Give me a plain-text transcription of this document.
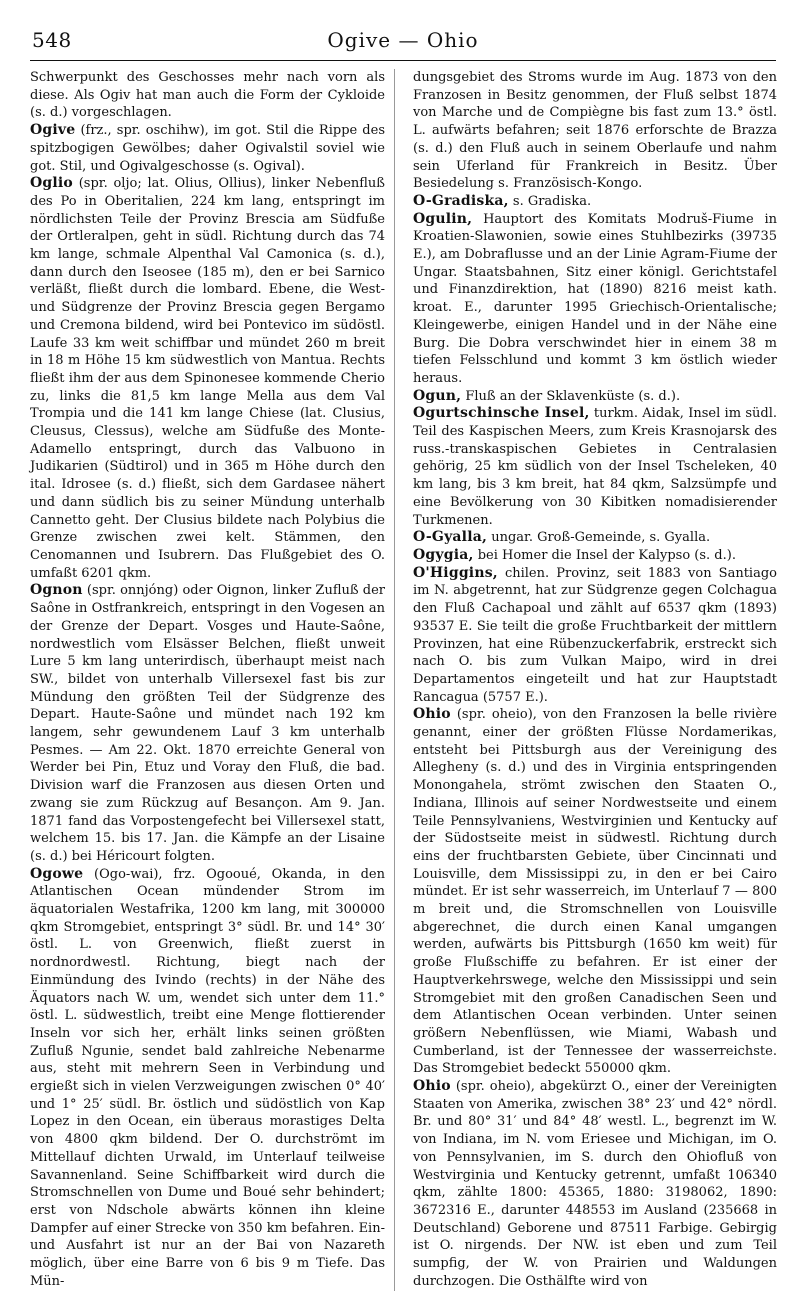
548	Ogive — Ohio

Schwerpunkt des Geschosses mehr nach vorn als diese. Als Ogiv hat man auch die Form der Cykloide (s. d.) vorgeschlagen.

Ogive (frz., spr. oschihw), im got. Stil die Rippe des spitzbogigen Gewölbes; daher Ogivalstil soviel wie got. Stil, und Ogivalgeschosse (s. Ogival).

Oglio (spr. oljo; lat. Olius, Ollius), linker Nebenfluß des Po in Oberitalien, 224 km lang, entspringt im nördlichsten Teile der Provinz Brescia am Südfuße der Ortleralpen, geht in südl. Richtung durch das 74 km lange, schmale Alpenthal Val Camonica (s. d.), dann durch den Iseosee (185 m), den er bei Sarnico verläßt, fließt durch die lombard. Ebene, die West- und Südgrenze der Provinz Brescia gegen Bergamo und Cremona bildend, wird bei Pontevico im südöstl. Laufe 33 km weit schiffbar und mündet 260 m breit in 18 m Höhe 15 km südwestlich von Mantua. Rechts fließt ihm der aus dem Spinonesee kommende Cherio zu, links die 81,5 km lange Mella aus dem Val Trompia und die 141 km lange Chiese (lat. Clusius, Cleusus, Clessus), welche am Südfuße des Monte-Adamello entspringt, durch das Valbuono in Judikarien (Südtirol) und in 365 m Höhe durch den ital. Idrosee (s. d.) fließt, sich dem Gardasee nähert und dann südlich bis zu seiner Mündung unterhalb Cannetto geht. Der Clusius bildete nach Polybius die Grenze zwischen zwei kelt. Stämmen, den Cenomannen und Isubrern. Das Flußgebiet des O. umfaßt 6201 qkm.

Ognon (spr. onnjóng) oder Oignon, linker Zufluß der Saône in Ostfrankreich, entspringt in den Vogesen an der Grenze der Depart. Vosges und Haute-Saône, nordwestlich vom Elsässer Belchen, fließt unweit Lure 5 km lang unterirdisch, überhaupt meist nach SW., bildet von unterhalb Villersexel fast bis zur Mündung den größten Teil der Südgrenze des Depart. Haute-Saône und mündet nach 192 km langem, sehr gewundenem Lauf 3 km unterhalb Pesmes. — Am 22. Okt. 1870 erreichte General von Werder bei Pin, Etuz und Voray den Fluß, die bad. Division warf die Franzosen aus diesen Orten und zwang sie zum Rückzug auf Besançon. Am 9. Jan. 1871 fand das Vorpostengefecht bei Villersexel statt, welchem 15. bis 17. Jan. die Kämpfe an der Lisaine (s. d.) bei Héricourt folgten.

Ogowe (Ogo-wai), frz. Ogooué, Okanda, in den Atlantischen Ocean mündender Strom im äquatorialen Westafrika, 1200 km lang, mit 300000 qkm Stromgebiet, entspringt 3° südl. Br. und 14° 30′ östl. L. von Greenwich, fließt zuerst in nordnordwestl. Richtung, biegt nach der Einmündung des Ivindo (rechts) in der Nähe des Äquators nach W. um, wendet sich unter dem 11.° östl. L. südwestlich, treibt eine Menge flottierender Inseln vor sich her, erhält links seinen größten Zufluß Ngunie, sendet bald zahlreiche Nebenarme aus, steht mit mehrern Seen in Verbindung und ergießt sich in vielen Verzweigungen zwischen 0° 40′ und 1° 25′ südl. Br. östlich und südöstlich von Kap Lopez in den Ocean, ein überaus morastiges Delta von 4800 qkm bildend. Der O. durchströmt im Mittellauf dichten Urwald, im Unterlauf teilweise Savannenland. Seine Schiffbarkeit wird durch die Stromschnellen von Dume und Boué sehr behindert; erst von Ndschole abwärts können ihn kleine Dampfer auf einer Strecke von 350 km befahren. Ein- und Ausfahrt ist nur an der Bai von Nazareth möglich, über eine Barre von 6 bis 9 m Tiefe. Das Mün-

dungsgebiet des Stroms wurde im Aug. 1873 von den Franzosen in Besitz genommen, der Fluß selbst 1874 von Marche und de Compiègne bis fast zum 13.° östl. L. aufwärts befahren; seit 1876 erforschte de Brazza (s. d.) den Fluß auch in seinem Oberlaufe und nahm sein Uferland für Frankreich in Besitz. Über Besiedelung s. Französisch-Kongo.

O-Gradiska, s. Gradiska.

Ogulin, Hauptort des Komitats Modruš-Fiume in Kroatien-Slawonien, sowie eines Stuhlbezirks (39735 E.), am Dobraflusse und an der Linie Agram-Fiume der Ungar. Staatsbahnen, Sitz einer königl. Gerichtstafel und Finanzdirektion, hat (1890) 8216 meist kath. kroat. E., darunter 1995 Griechisch-Orientalische; Kleingewerbe, einigen Handel und in der Nähe eine Burg. Die Dobra verschwindet hier in einem 38 m tiefen Felsschlund und kommt 3 km östlich wieder heraus.

Ogun, Fluß an der Sklavenküste (s. d.).

Ogurtschinsche Insel, turkm. Aidak, Insel im südl. Teil des Kaspischen Meers, zum Kreis Krasnojarsk des russ.-transkaspischen Gebietes in Centralasien gehörig, 25 km südlich von der Insel Tscheleken, 40 km lang, bis 3 km breit, hat 84 qkm, Salzsümpfe und eine Bevölkerung von 30 Kibitken nomadisierender Turkmenen.

O-Gyalla, ungar. Groß-Gemeinde, s. Gyalla.

Ogygia, bei Homer die Insel der Kalypso (s. d.).

O'Higgins, chilen. Provinz, seit 1883 von Santiago im N. abgetrennt, hat zur Südgrenze gegen Colchagua den Fluß Cachapoal und zählt auf 6537 qkm (1893) 93537 E. Sie teilt die große Fruchtbarkeit der mittlern Provinzen, hat eine Rübenzuckerfabrik, erstreckt sich nach O. bis zum Vulkan Maipo, wird in drei Departamentos eingeteilt und hat zur Hauptstadt Rancagua (5757 E.).

Ohio (spr. oheio), von den Franzosen la belle rivière genannt, einer der größten Flüsse Nordamerikas, entsteht bei Pittsburgh aus der Vereinigung des Allegheny (s. d.) und des in Virginia entspringenden Monongahela, strömt zwischen den Staaten O., Indiana, Illinois auf seiner Nordwestseite und einem Teile Pennsylvaniens, Westvirginien und Kentucky auf der Südostseite meist in südwestl. Richtung durch eins der fruchtbarsten Gebiete, über Cincinnati und Louisville, dem Mississippi zu, in den er bei Cairo mündet. Er ist sehr wasserreich, im Unterlauf 7 — 800 m breit und, die Stromschnellen von Louisville abgerechnet, die durch einen Kanal umgangen werden, aufwärts bis Pittsburgh (1650 km weit) für große Flußschiffe zu befahren. Er ist einer der Hauptverkehrswege, welche den Mississippi und sein Stromgebiet mit den großen Canadischen Seen und dem Atlantischen Ocean verbinden. Unter seinen größern Nebenflüssen, wie Miami, Wabash und Cumberland, ist der Tennessee der wasserreichste. Das Stromgebiet bedeckt 550000 qkm.

Ohio (spr. oheio), abgekürzt O., einer der Vereinigten Staaten von Amerika, zwischen 38° 23′ und 42° nördl. Br. und 80° 31′ und 84° 48′ westl. L., begrenzt im W. von Indiana, im N. vom Eriesee und Michigan, im O. von Pennsylvanien, im S. durch den Ohiofluß von Westvirginia und Kentucky getrennt, umfaßt 106340 qkm, zählte 1800: 45365, 1880: 3198062, 1890: 3672316 E., darunter 448553 im Ausland (235668 in Deutschland) Geborene und 87511 Farbige. Gebirgig ist O. nirgends. Der NW. ist eben und zum Teil sumpfig, der W. von Prairien und Waldungen durchzogen. Die Osthälfte wird von
